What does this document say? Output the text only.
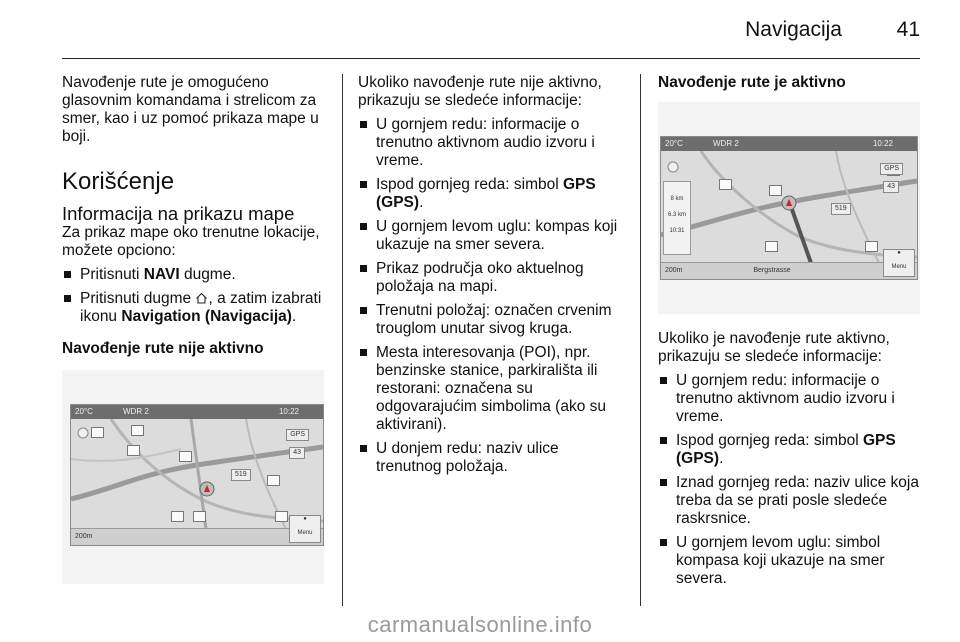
Navigacija	41

Navođenje rute je omogućeno glasovnim komandama i strelicom za smer, kao i uz pomoć prikaza mape u boji.

Korišćenje
Informacija na prikazu mape

Za prikaz mape oko trenutne lokacije, možete opciono:

Pritisnuti NAVI dugme.
Pritisnuti dugme , a zatim izabrati ikonu Navigation (Navigacija).
Navođenje rute nije aktivno
20°C	WDR 2	10:22
GPS
43
519
200m
●
Menu

Ukoliko navođenje rute nije aktivno, prikazuju se sledeće informacije:

U gornjem redu: informacije o trenutno aktivnom audio izvoru i vreme.
Ispod gornjeg reda: simbol GPS (GPS).
U gornjem levom uglu: kompas koji ukazuje na smer severa.
Prikaz područja oko aktuelnog položaja na mapi.
Trenutni položaj: označen crvenim trouglom unutar sivog kruga.
Mesta interesovanja (POI), npr. benzinske stanice, parkirališta ili restorani: označena su odgovarajućim simbolima (ako su aktivirani).
U donjem redu: naziv ulice trenutnog položaja.
Navođenje rute je aktivno
20°C	WDR 2	10:22
8 km
6.3 km
10:31
GPS
43
519
200m	Bergstrasse
●
Menu

Ukoliko je navođenje rute aktivno, prikazuju se sledeće informacije:

U gornjem redu: informacije o trenutno aktivnom audio izvoru i vreme.
Ispod gornjeg reda: simbol GPS (GPS).
Iznad gornjeg reda: naziv ulice koja treba da se prati posle sledeće raskrsnice.
U gornjem levom uglu: simbol kompasa koji ukazuje na smer severa.
carmanualsonline.info
